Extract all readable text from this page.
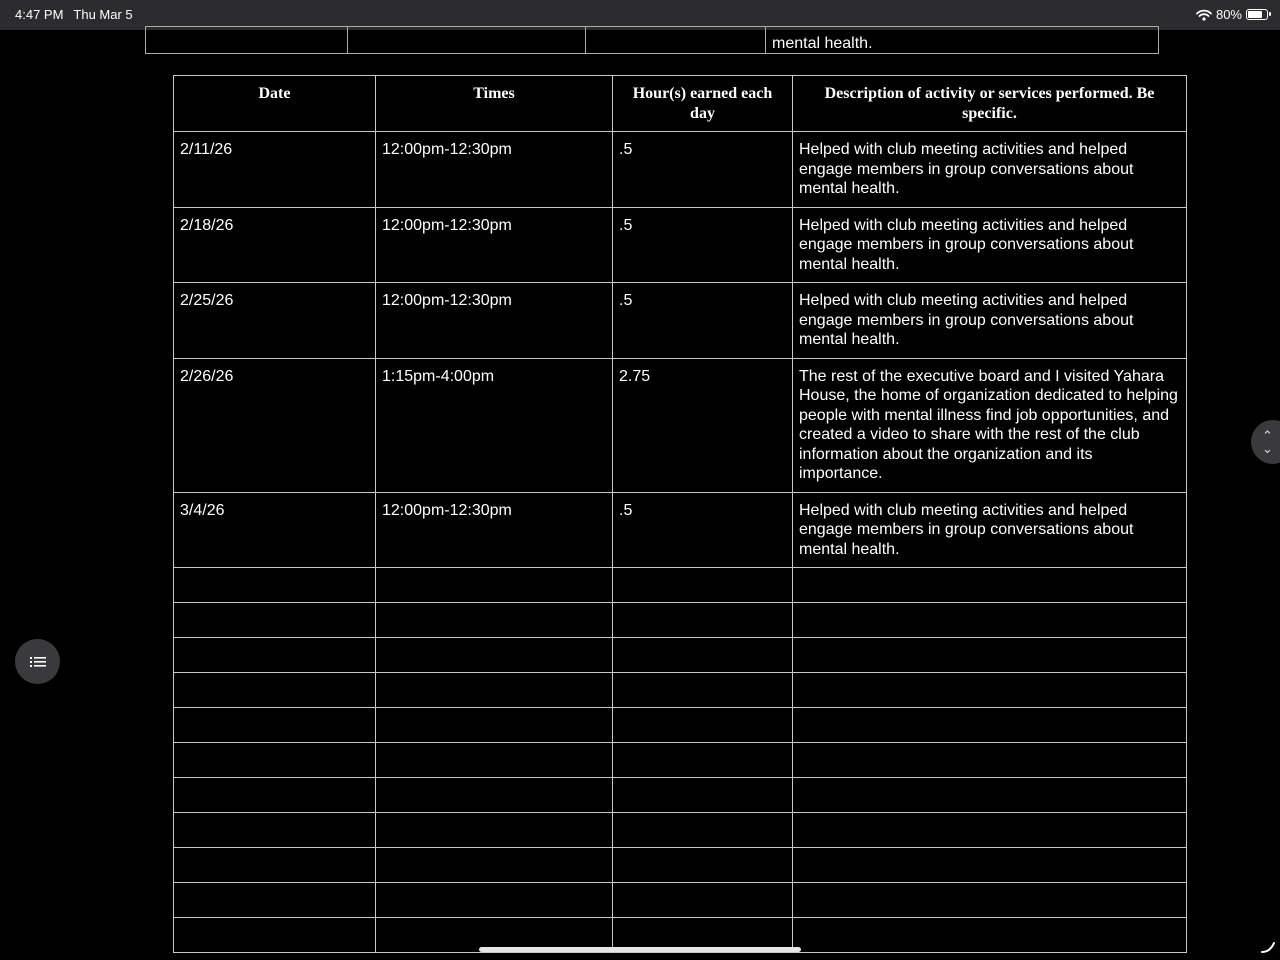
4:47 PM Thu Mar 5	80%
			mental health.
Date	Times	Hour(s) earned each day	Description of activity or services performed. Be specific.
2/11/26	12:00pm-12:30pm	.5	Helped with club meeting activities and helped engage members in group conversations about mental health.
2/18/26	12:00pm-12:30pm	.5	Helped with club meeting activities and helped engage members in group conversations about mental health.
2/25/26	12:00pm-12:30pm	.5	Helped with club meeting activities and helped engage members in group conversations about mental health.
2/26/26	1:15pm-4:00pm	2.75	The rest of the executive board and I visited Yahara House, the home of organization dedicated to helping people with mental illness find job opportunities, and created a video to share with the rest of the club information about the organization and its importance.
3/4/26	12:00pm-12:30pm	.5	Helped with club meeting activities and helped engage members in group conversations about mental health.

⌃
⌄
